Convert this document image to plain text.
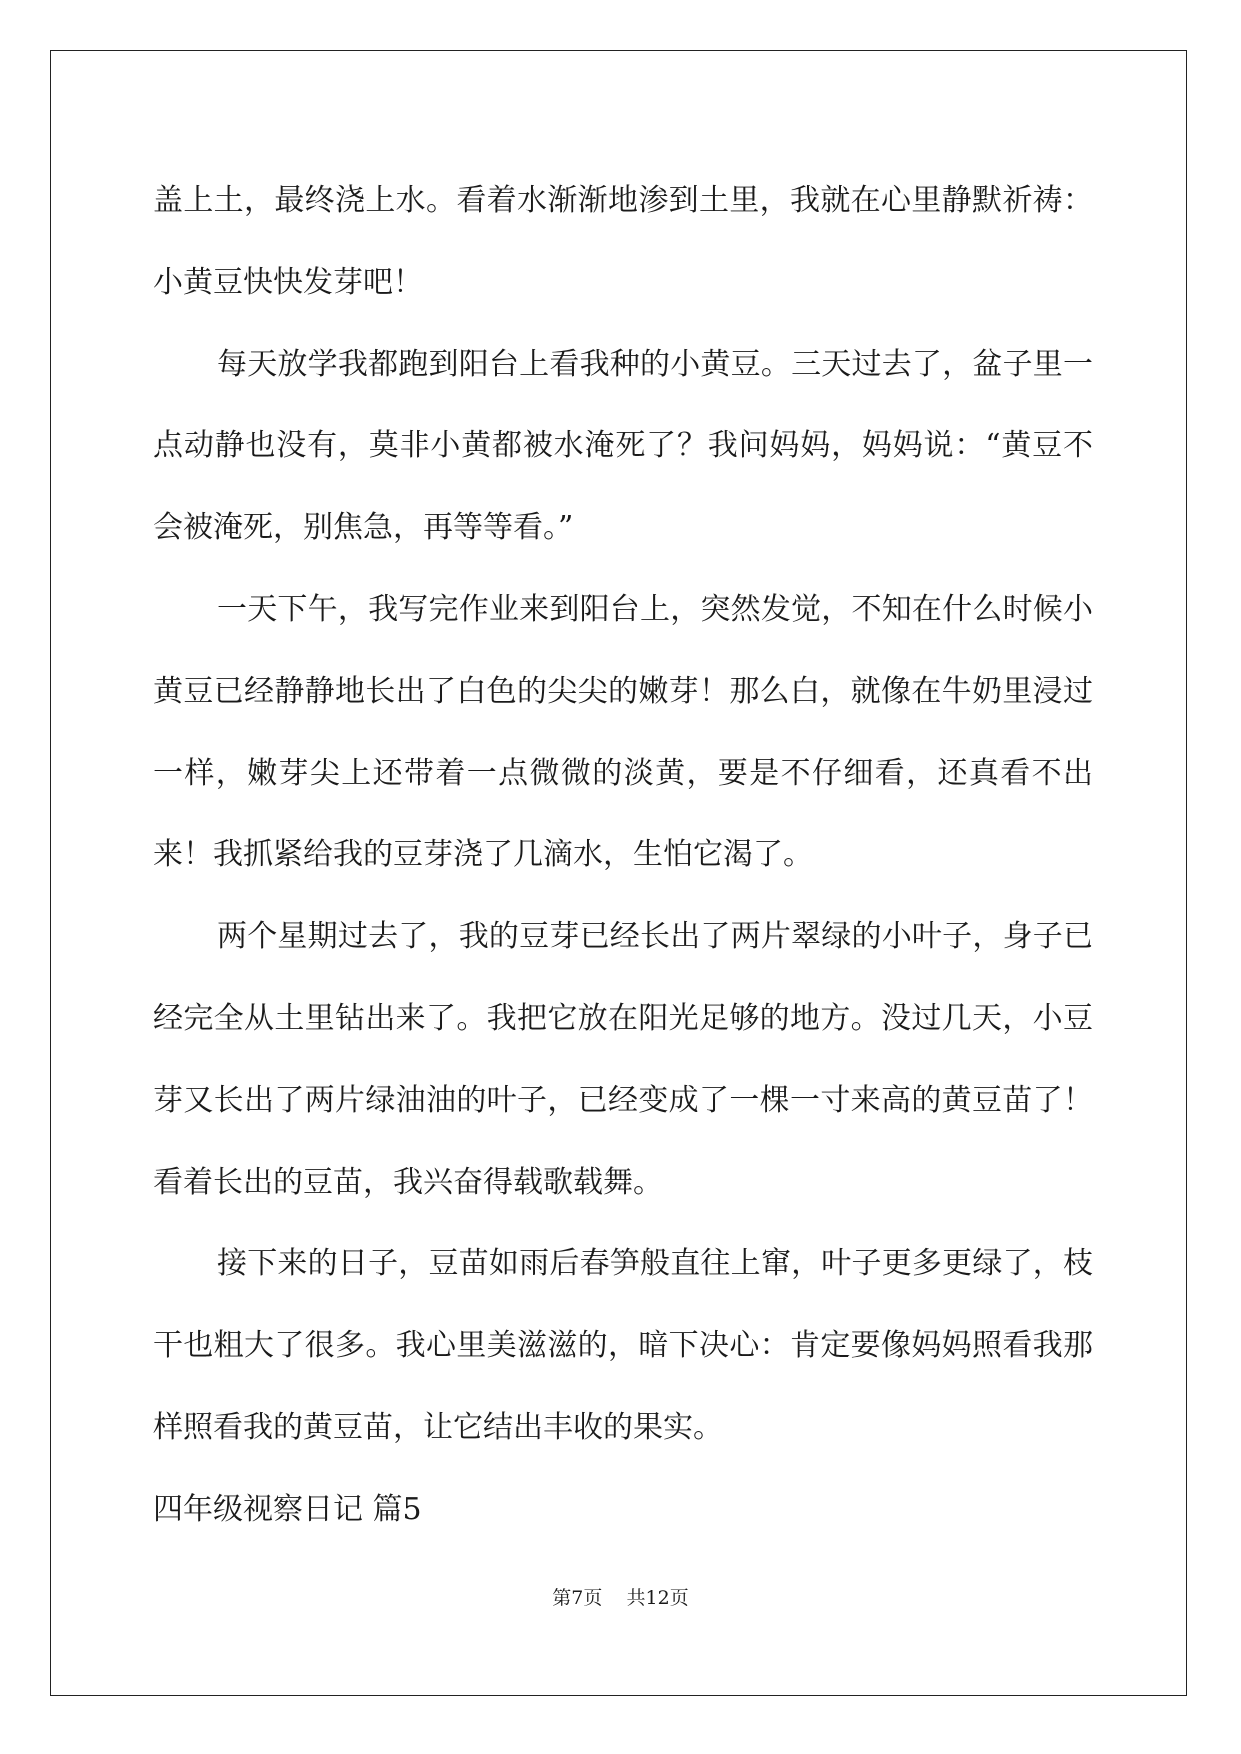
盖上土，最终浇上水。看着水渐渐地渗到土里，我就在心里静默祈祷：小黄豆快快发芽吧！

每天放学我都跑到阳台上看我种的小黄豆。三天过去了，盆子里一点动静也没有，莫非小黄都被水淹死了？我问妈妈，妈妈说：“黄豆不会被淹死，别焦急，再等等看。”

一天下午，我写完作业来到阳台上，突然发觉，不知在什么时候小黄豆已经静静地长出了白色的尖尖的嫩芽！那么白，就像在牛奶里浸过一样，嫩芽尖上还带着一点微微的淡黄，要是不仔细看，还真看不出来！我抓紧给我的豆芽浇了几滴水，生怕它渴了。

两个星期过去了，我的豆芽已经长出了两片翠绿的小叶子，身子已经完全从土里钻出来了。我把它放在阳光足够的地方。没过几天，小豆芽又长出了两片绿油油的叶子，已经变成了一棵一寸来高的黄豆苗了！看着长出的豆苗，我兴奋得载歌载舞。

接下来的日子，豆苗如雨后春笋般直往上窜，叶子更多更绿了，枝干也粗大了很多。我心里美滋滋的，暗下决心：肯定要像妈妈照看我那样照看我的黄豆苗，让它结出丰收的果实。

四年级视察日记 篇5

第7页 共12页
